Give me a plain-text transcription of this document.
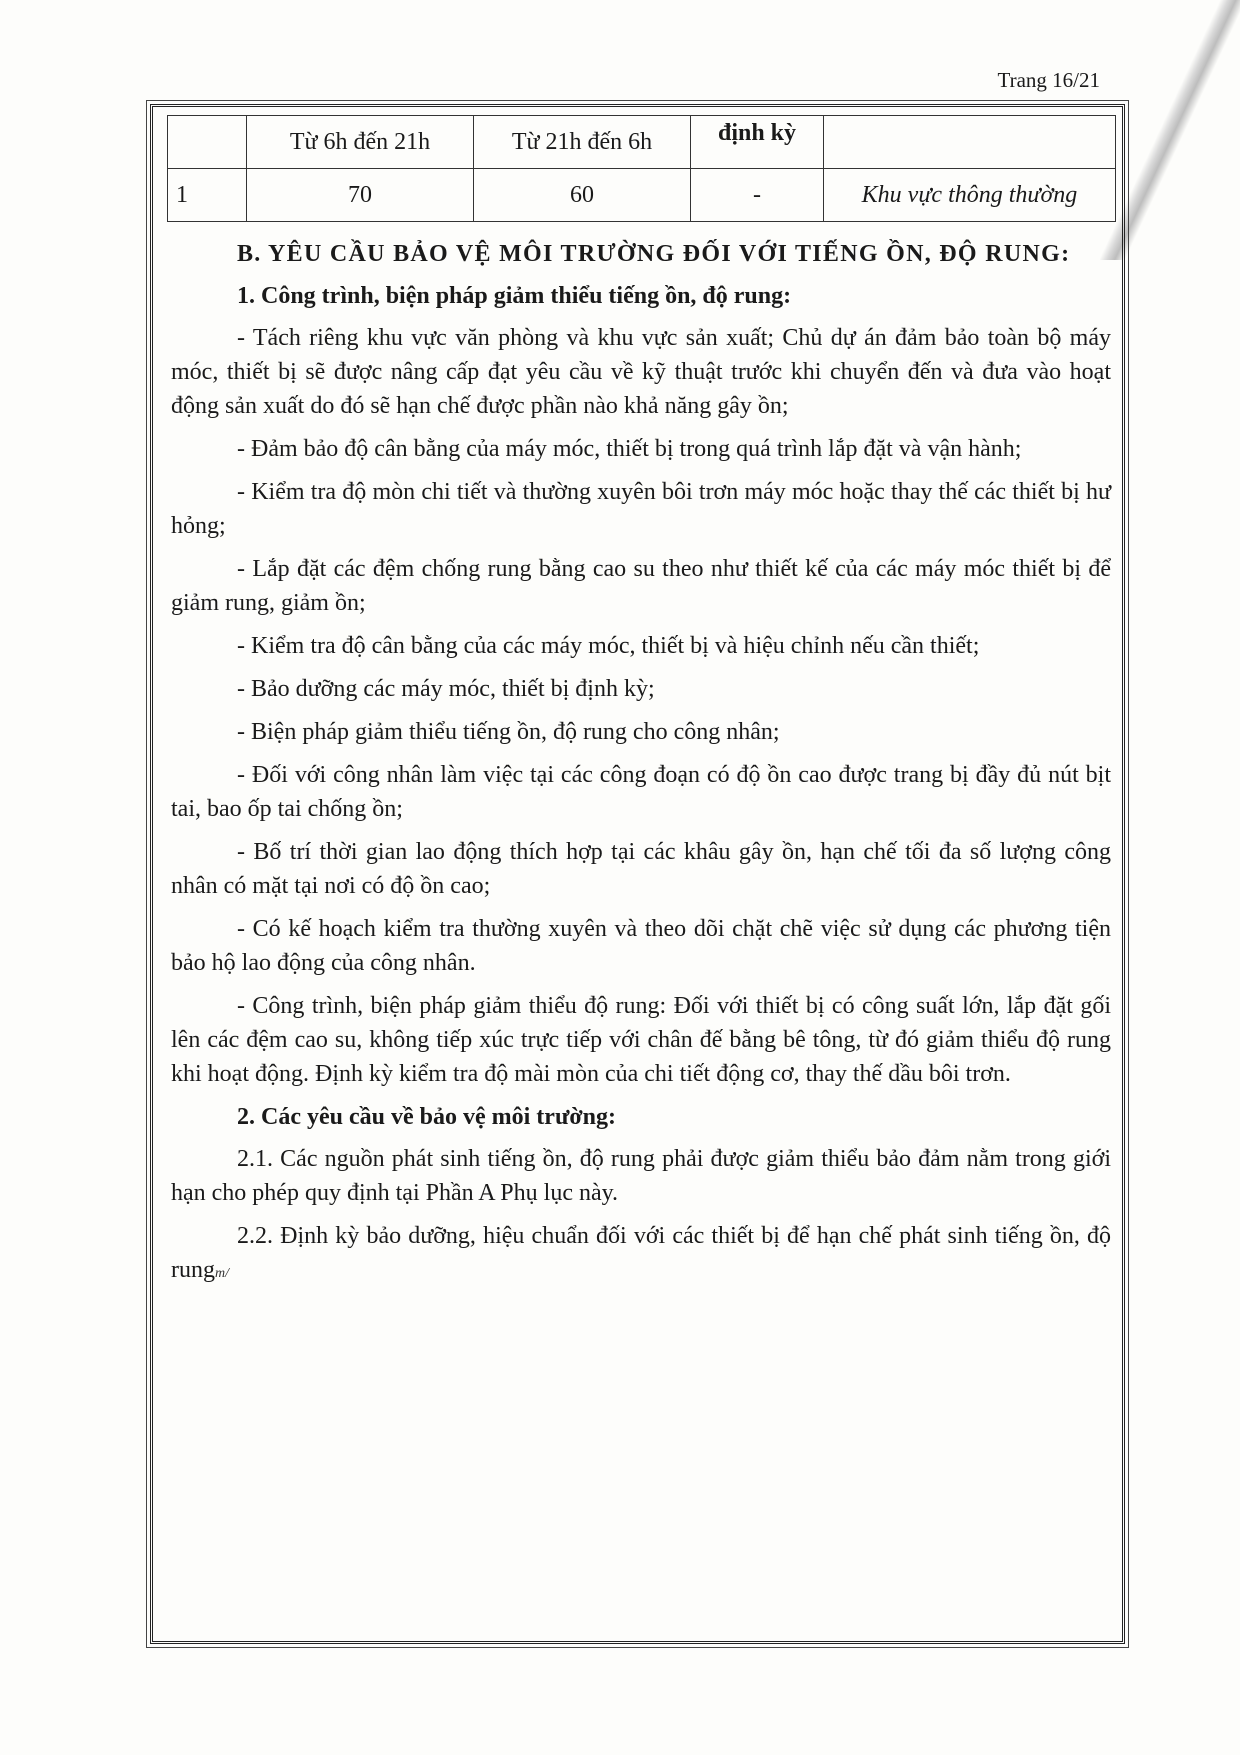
Trang 16/21
	Từ 6h đến 21h	Từ 21h đến 6h	định kỳ	
1	70	60	-	Khu vực thông thường

B. YÊU CẦU BẢO VỆ MÔI TRƯỜNG ĐỐI VỚI TIẾNG ỒN, ĐỘ RUNG:

1. Công trình, biện pháp giảm thiểu tiếng ồn, độ rung:

- Tách riêng khu vực văn phòng và khu vực sản xuất; Chủ dự án đảm bảo toàn bộ máy móc, thiết bị sẽ được nâng cấp đạt yêu cầu về kỹ thuật trước khi chuyển đến và đưa vào hoạt động sản xuất do đó sẽ hạn chế được phần nào khả năng gây ồn;

- Đảm bảo độ cân bằng của máy móc, thiết bị trong quá trình lắp đặt và vận hành;

- Kiểm tra độ mòn chi tiết và thường xuyên bôi trơn máy móc hoặc thay thế các thiết bị hư hỏng;

- Lắp đặt các đệm chống rung bằng cao su theo như thiết kế của các máy móc thiết bị để giảm rung, giảm ồn;

- Kiểm tra độ cân bằng của các máy móc, thiết bị và hiệu chỉnh nếu cần thiết;

- Bảo dưỡng các máy móc, thiết bị định kỳ;

- Biện pháp giảm thiểu tiếng ồn, độ rung cho công nhân;

- Đối với công nhân làm việc tại các công đoạn có độ ồn cao được trang bị đầy đủ nút bịt tai, bao ốp tai chống ồn;

- Bố trí thời gian lao động thích hợp tại các khâu gây ồn, hạn chế tối đa số lượng công nhân có mặt tại nơi có độ ồn cao;

- Có kế hoạch kiểm tra thường xuyên và theo dõi chặt chẽ việc sử dụng các phương tiện bảo hộ lao động của công nhân.

- Công trình, biện pháp giảm thiểu độ rung: Đối với thiết bị có công suất lớn, lắp đặt gối lên các đệm cao su, không tiếp xúc trực tiếp với chân đế bằng bê tông, từ đó giảm thiểu độ rung khi hoạt động. Định kỳ kiểm tra độ mài mòn của chi tiết động cơ, thay thế dầu bôi trơn.

2. Các yêu cầu về bảo vệ môi trường:

2.1. Các nguồn phát sinh tiếng ồn, độ rung phải được giảm thiểu bảo đảm nằm trong giới hạn cho phép quy định tại Phần A Phụ lục này.

2.2. Định kỳ bảo dưỡng, hiệu chuẩn đối với các thiết bị để hạn chế phát sinh tiếng ồn, độ rungm/
